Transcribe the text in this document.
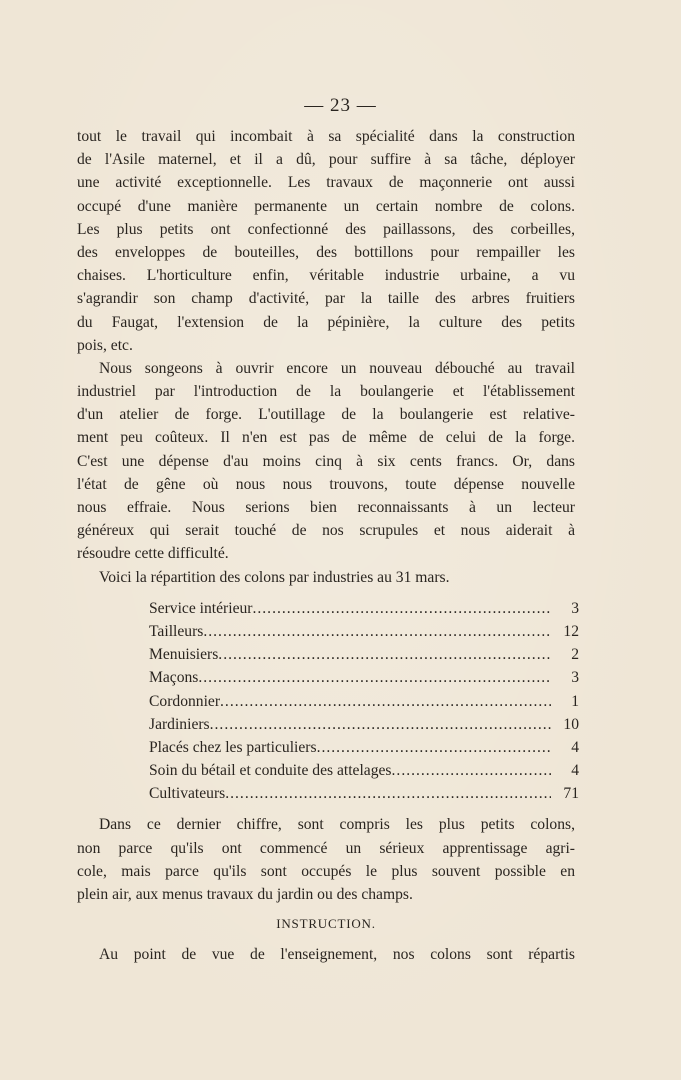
— 23 —
tout le travail qui incombait à sa spécialité dans la construction
de l'Asile maternel, et il a dû, pour suffire à sa tâche, déployer
une activité exceptionnelle. Les travaux de maçonnerie ont aussi
occupé d'une manière permanente un certain nombre de colons.
Les plus petits ont confectionné des paillassons, des corbeilles,
des enveloppes de bouteilles, des bottillons pour rempailler les
chaises. L'horticulture enfin, véritable industrie urbaine, a vu
s'agrandir son champ d'activité, par la taille des arbres fruitiers
du Faugat, l'extension de la pépinière, la culture des petits
pois, etc.
Nous songeons à ouvrir encore un nouveau débouché au travail
industriel par l'introduction de la boulangerie et l'établissement
d'un atelier de forge. L'outillage de la boulangerie est relative-
ment peu coûteux. Il n'en est pas de même de celui de la forge.
C'est une dépense d'au moins cinq à six cents francs. Or, dans
l'état de gêne où nous nous trouvons, toute dépense nouvelle
nous effraie. Nous serions bien reconnaissants à un lecteur
généreux qui serait touché de nos scrupules et nous aiderait à
résoudre cette difficulté.
Voici la répartition des colons par industries au 31 mars.
Service intérieur .....	3
Tailleurs .....	12
Menuisiers .....	2
Maçons .....	3
Cordonnier .....	1
Jardiniers .....	10
Placés chez les particuliers .....	4
Soin du bétail et conduite des attelages .....	4
Cultivateurs .....	71
Dans ce dernier chiffre, sont compris les plus petits colons,
non parce qu'ils ont commencé un sérieux apprentissage agri-
cole, mais parce qu'ils sont occupés le plus souvent possible en
plein air, aux menus travaux du jardin ou des champs.
INSTRUCTION.
Au point de vue de l'enseignement, nos colons sont répartis
